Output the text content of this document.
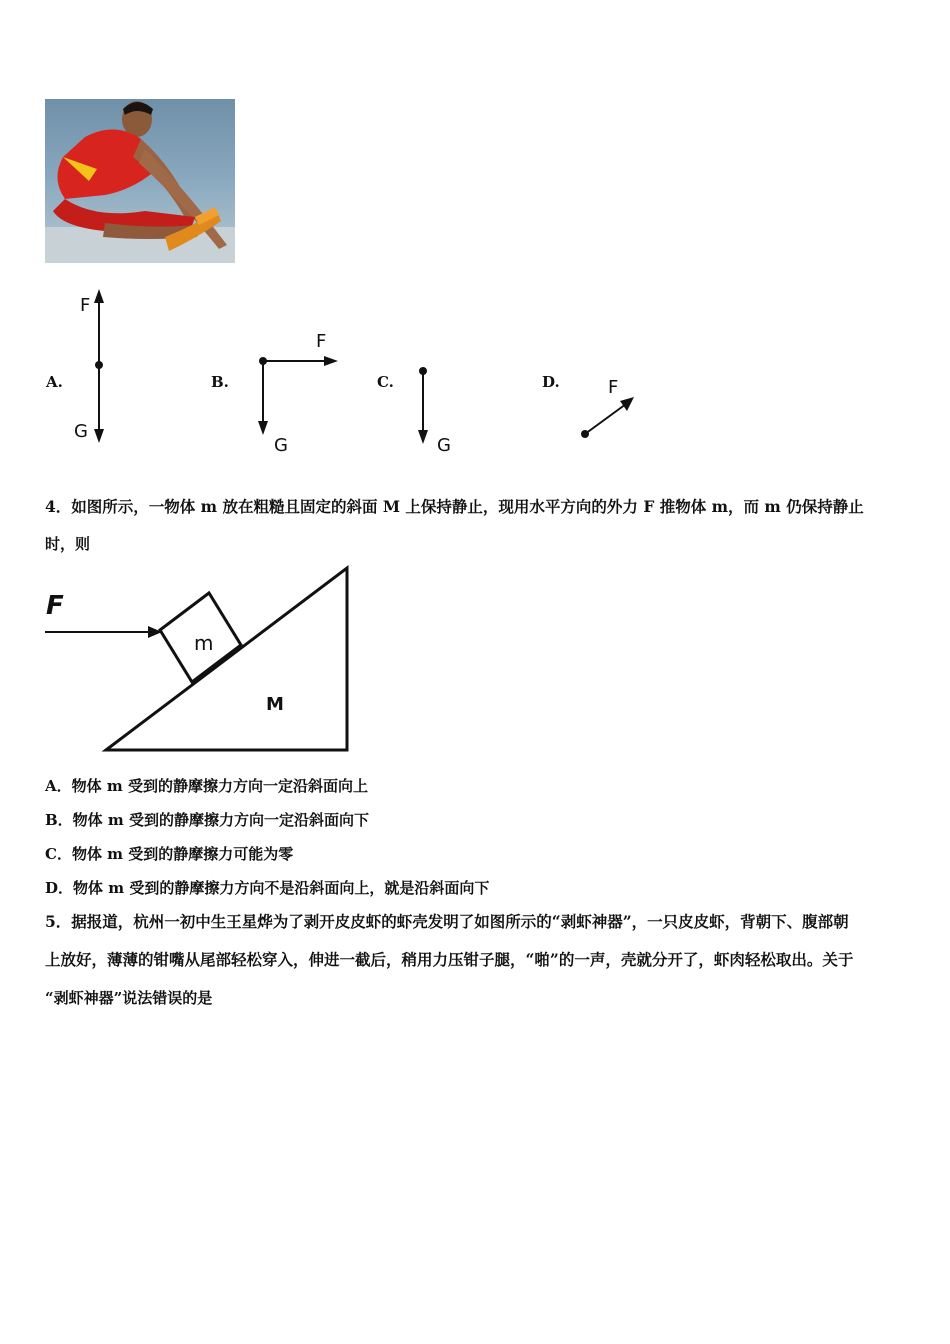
A.	B.	C.	D.
F
G
F
G	G
F
4．如图所示，一物体 m 放在粗糙且固定的斜面 M 上保持静止，现用水平方向的外力 F 推物体 m，而 m 仍保持静止
时，则
F
m
M
A．物体 m 受到的静摩擦力方向一定沿斜面向上
B．物体 m 受到的静摩擦力方向一定沿斜面向下
C．物体 m 受到的静摩擦力可能为零
D．物体 m 受到的静摩擦力方向不是沿斜面向上，就是沿斜面向下
5．据报道，杭州一初中生王星烨为了剥开皮皮虾的虾壳发明了如图所示的“剥虾神器”，一只皮皮虾，背朝下、腹部朝
上放好，薄薄的钳嘴从尾部轻松穿入，伸进一截后，稍用力压钳子腿，“啪”的一声，壳就分开了，虾肉轻松取出。关于
“剥虾神器”说法错误的是
